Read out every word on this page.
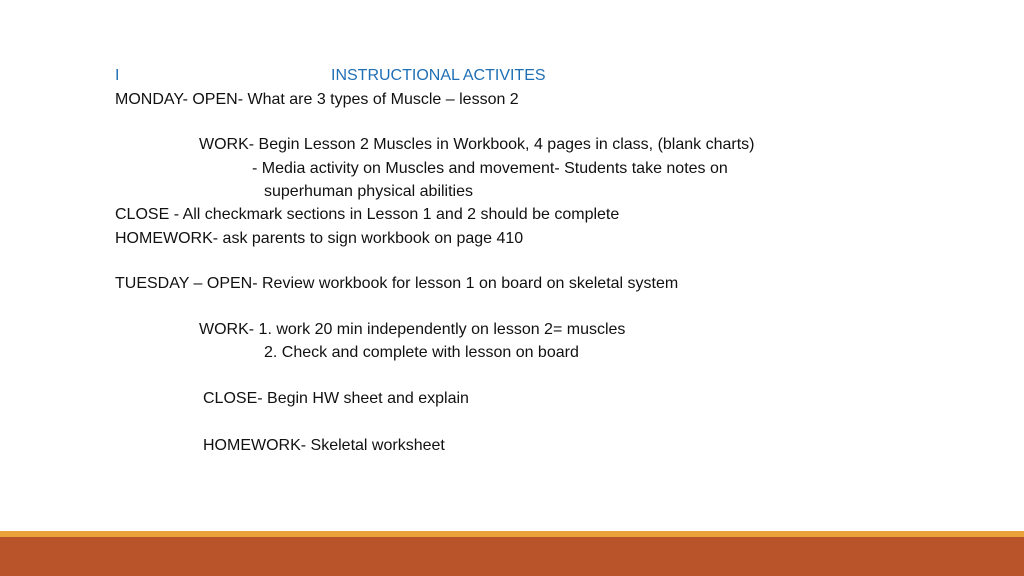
I	INSTRUCTIONAL ACTIVITES
MONDAY- OPEN- What are 3 types of Muscle – lesson 2
WORK- Begin Lesson 2 Muscles in Workbook, 4 pages in class, (blank charts)
- Media activity on Muscles and movement- Students take notes on
superhuman physical abilities
CLOSE - All checkmark sections in Lesson 1 and 2 should be complete
HOMEWORK- ask parents to sign workbook on page 410
TUESDAY – OPEN- Review workbook for lesson 1 on board on skeletal system
WORK- 1. work 20 min independently on lesson 2= muscles
2. Check and complete with lesson on board
CLOSE- Begin HW sheet and explain
HOMEWORK- Skeletal worksheet
